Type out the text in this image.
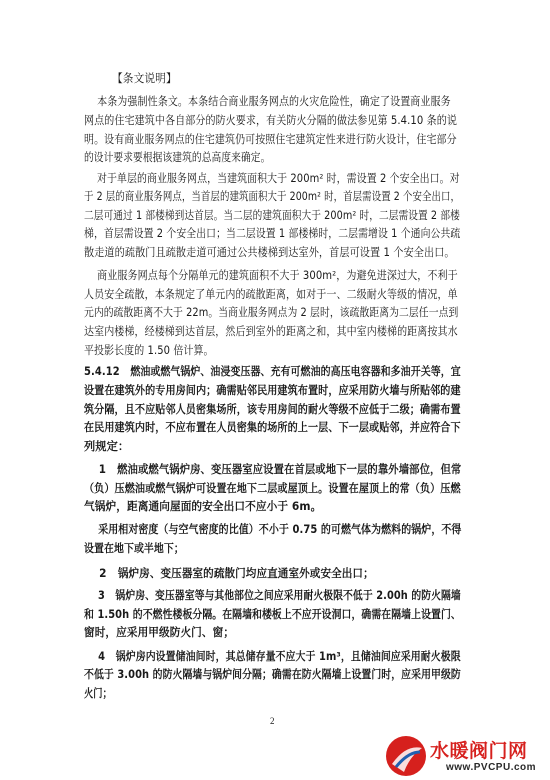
【条文说明】
本条为强制性条文。本条结合商业服务网点的火灾危险性，确定了设置商业服务
网点的住宅建筑中各自部分的防火要求，有关防火分隔的做法参见第 5.4.10 条的说
明。设有商业服务网点的住宅建筑仍可按照住宅建筑定性来进行防火设计，住宅部分
的设计要求要根据该建筑的总高度来确定。
对于单层的商业服务网点，当建筑面积大于 200m² 时，需设置 2 个安全出口。对
于 2 层的商业服务网点，当首层的建筑面积大于 200m² 时，首层需设置 2 个安全出口，
二层可通过 1 部楼梯到达首层。当二层的建筑面积大于 200m² 时，二层需设置 2 部楼
梯，首层需设置 2 个安全出口；当二层设置 1 部楼梯时，二层需增设 1 个通向公共疏
散走道的疏散门且疏散走道可通过公共楼梯到达室外，首层可设置 1 个安全出口。
商业服务网点每个分隔单元的建筑面积不大于 300m²，为避免进深过大，不利于
人员安全疏散，本条规定了单元内的疏散距离，如对于一、二级耐火等级的情况，单
元内的疏散距离不大于 22m。当商业服务网点为 2 层时，该疏散距离为二层任一点到
达室内楼梯，经楼梯到达首层，然后到室外的距离之和，其中室内楼梯的距离按其水
平投影长度的 1.50 倍计算。
5.4.12   燃油或燃气锅炉、油浸变压器、充有可燃油的高压电容器和多油开关等，宜
设置在建筑外的专用房间内；确需贴邻民用建筑布置时，应采用防火墙与所贴邻的建
筑分隔，且不应贴邻人员密集场所，该专用房间的耐火等级不应低于二级；确需布置
在民用建筑内时，不应布置在人员密集的场所的上一层、下一层或贴邻，并应符合下
列规定：
1   燃油或燃气锅炉房、变压器室应设置在首层或地下一层的靠外墙部位，但常
（负）压燃油或燃气锅炉可设置在地下二层或屋顶上。设置在屋顶上的常（负）压燃
气锅炉，距离通向屋面的安全出口不应小于 6m。
采用相对密度（与空气密度的比值）不小于 0.75 的可燃气体为燃料的锅炉，不得
设置在地下或半地下；
2   锅炉房、变压器室的疏散门均应直通室外或安全出口；
3   锅炉房、变压器室等与其他部位之间应采用耐火极限不低于 2.00h 的防火隔墙
和 1.50h 的不燃性楼板分隔。在隔墙和楼板上不应开设洞口，确需在隔墙上设置门、
窗时，应采用甲级防火门、窗；
4   锅炉房内设置储油间时，其总储存量不应大于 1m³，且储油间应采用耐火极限
不低于 3.00h 的防火隔墙与锅炉间分隔；确需在防火隔墙上设置门时，应采用甲级防
火门；
2
水暖阀门网
www.PVCPU.com
